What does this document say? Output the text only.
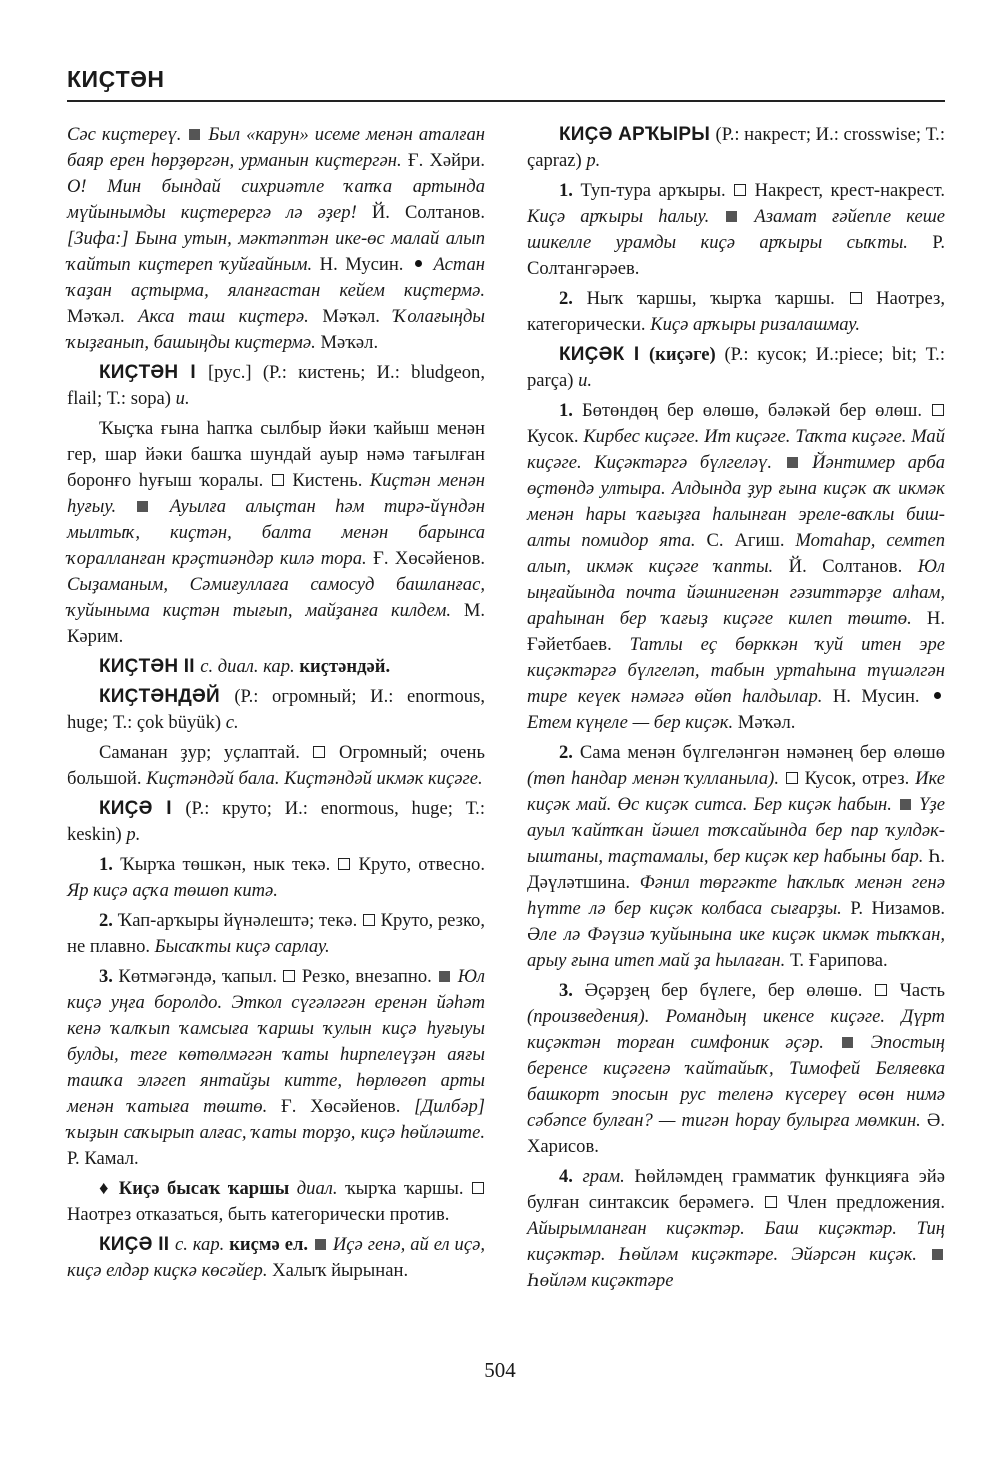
КИҪТӘН

Сәс киҫтереү.  Был «карун» исеме менән аталған баяр ерен һөрҙөргән, урманын киҫтергән. Ғ. Хәйри. О! Мин бындай сихриәтле ҡапҡа артында мүйынымды киҫтерергә лә әҙер! Й. Солтанов. [Зифа:] Бына утын, мәктәптән ике-өс малай алып ҡайтып киҫтереп ҡуйғайным. Н. Мусин.  Астан ҡаҙан аҫтырма, яланғастан кейем киҫтермә. Мәҡәл. Акса таш киҫтерә. Мәҡәл. Ҡолағыңды ҡыҙғанып, башыңды киҫтермә. Мәҡәл.

КИҪТӘН I [рус.] (Р.: кистень; И.: bludgeon, flail; Т.: sopa) и.

Ҡыҫҡа ғына һапҡа сылбыр йәки ҡайыш менән гер, шар йәки башҡа шундай ауыр нәмә тағылған боронғо һуғыш ҡоралы.  Кистень. Киҫтән менән һуғыу.  Ауылға алыҫтан һәм тирә-йүндән мылтыҡ, киҫтән, балта менән барынса ҡоралланған крәҫтиәндәр килә тора. Ғ. Хөсәйенов. Сыҙаманым, Сәмиғуллаға самосуд башланғас, ҡуйыныма киҫтән тығып, майҙанға килдем. М. Кәрим.

КИҪТӘН II с. диал. кар. киҫтәндәй.

КИҪТӘНДӘЙ (Р.: огромный; И.: enormous, huge; Т.: çok büyük) с.

Саманан ҙур; уҫлаптай.  Огромный; очень большой. Киҫтәндәй бала. Киҫтәндәй икмәк киҫәге.

КИҪӘ I (Р.: круто; И.: enormous, huge; Т.: keskin) р.

1. Ҡырҡа төшкән, нык текә.  Круто, отвесно. Яр киҫә аҫҡа төшөп китә.

2. Ҡап-арҡыры йүнәлештә; текә.  Круто, резко, не плавно. Бысаҡты киҫә сарлау.

3. Көтмәгәндә, ҡапыл.  Резко, внезапно.  Юл киҫә уңға боролдо. Эткол сүгәләгән еренән йәһәт кенә ҡалҡып ҡамсыға ҡаршы ҡулын киҫә һуғыуы булды, теге көтөлмәгән ҡаты һирпелеүҙән аяғы ташҡа эләгеп янтайҙы китте, һөрлөгөп арты менән ҡатыға төштө. Ғ. Хөсәйенов. [Дилбәр] ҡыҙын саҡырып алғас, ҡаты торҙо, киҫә һөйләште. Р. Камал.

♦ Киҫә бысаҡ ҡаршы диал. ҡырҡа ҡаршы.  Наотрез отказаться, быть категорически против.

КИҪӘ II с. кар. киҫмә ел.  Иҫә генә, ай ел иҫә, киҫә елдәр киҫкә көсәйер. Халыҡ йырынан.

КИҪӘ АРҠЫРЫ (Р.: накрест; И.: crosswise; Т.: çapraz) р.

1. Туп-тура арҡыры.  Накрест, крест-накрест. Киҫә арҡыры һалыу.  Азамат ғәйепле кеше шикелле урамды киҫә арҡыры сыҡты. Р. Солтангәрәев.

2. Ныҡ ҡаршы, ҡырҡа ҡаршы.  Наотрез, категорически. Киҫә арҡыры ризалашмау.

КИҪӘК I (киҫәге) (Р.: кусок; И.:piece; bit; Т.: parça) и.

1. Бөтөндөң бер өлөшө, бәләкәй бер өлөш.  Кусок. Кирбес киҫәге. Ит киҫәге. Таҡта киҫәге. Май киҫәге. Киҫәктәргә бүлгеләү.  Йәнтимер арба өҫтөндә ултыра. Алдында ҙур ғына киҫәк аҡ икмәк менән һары ҡағыҙға һалынған эреле-ваҡлы биш-алты помидор ята. С. Агиш. Мотаһар, семтеп алып, икмәк киҫәге ҡапты. Й. Солтанов. Юл ыңғайында почта йәшнигенән гәзиттәрҙе алһам, араһынан бер ҡағыҙ киҫәге килеп төштө. Н. Ғәйетбаев. Татлы еҫ бөрккән ҡуй итен эре киҫәктәргә бүлгеләп, табын уртаһына түшәлгән тире кеүек нәмәгә өйөп һалдылар. Н. Мусин.  Етем күңеле — бер киҫәк. Мәҡәл.

2. Сама менән бүлгеләнгән нәмәнең бер өлөшө (төп һандар менән ҡулланыла).  Кусок, отрез. Ике киҫәк май. Өс киҫәк ситса. Бер киҫәк һабын.  Үҙе ауыл ҡайтҡан йәшел тоҡсайында бер пар ҡулдәк-ыштаны, таҫтамалы, бер киҫәк кер һабыны бар. Һ. Дәүләтшина. Фәнил төргәкте һаҡлыҡ менән генә һүтте лә бер киҫәк колбаса сығарҙы. Р. Низамов. Әле лә Фәүзиә ҡуйынына ике киҫәк икмәк тыҡҡан, арыу ғына итеп май ҙа һылаған. Т. Ғарипова.

3. Әҫәрҙең бер бүлеге, бер өлөшө.  Часть (произведения). Романдың икенсе киҫәге. Дүрт киҫәктән торған симфоник әҫәр.  Эпостың беренсе киҫәгенә ҡайтайыҡ, Тимофей Беляевка башкорт эпосын рус теленә күсереү өсөн нимә сәбәпсе булған? — тигән һорау булырға мөмкин. Ә. Харисов.

4. грам. Һөйләмдең грамматик функцияға эйә булған синтаксик берәмегә.  Член предложения. Айырымланған киҫәктәр. Баш киҫәктәр. Тиң киҫәктәр. Һөйләм киҫәктәре. Эйәрсән киҫәк.  Һөйләм киҫәктәре

504
